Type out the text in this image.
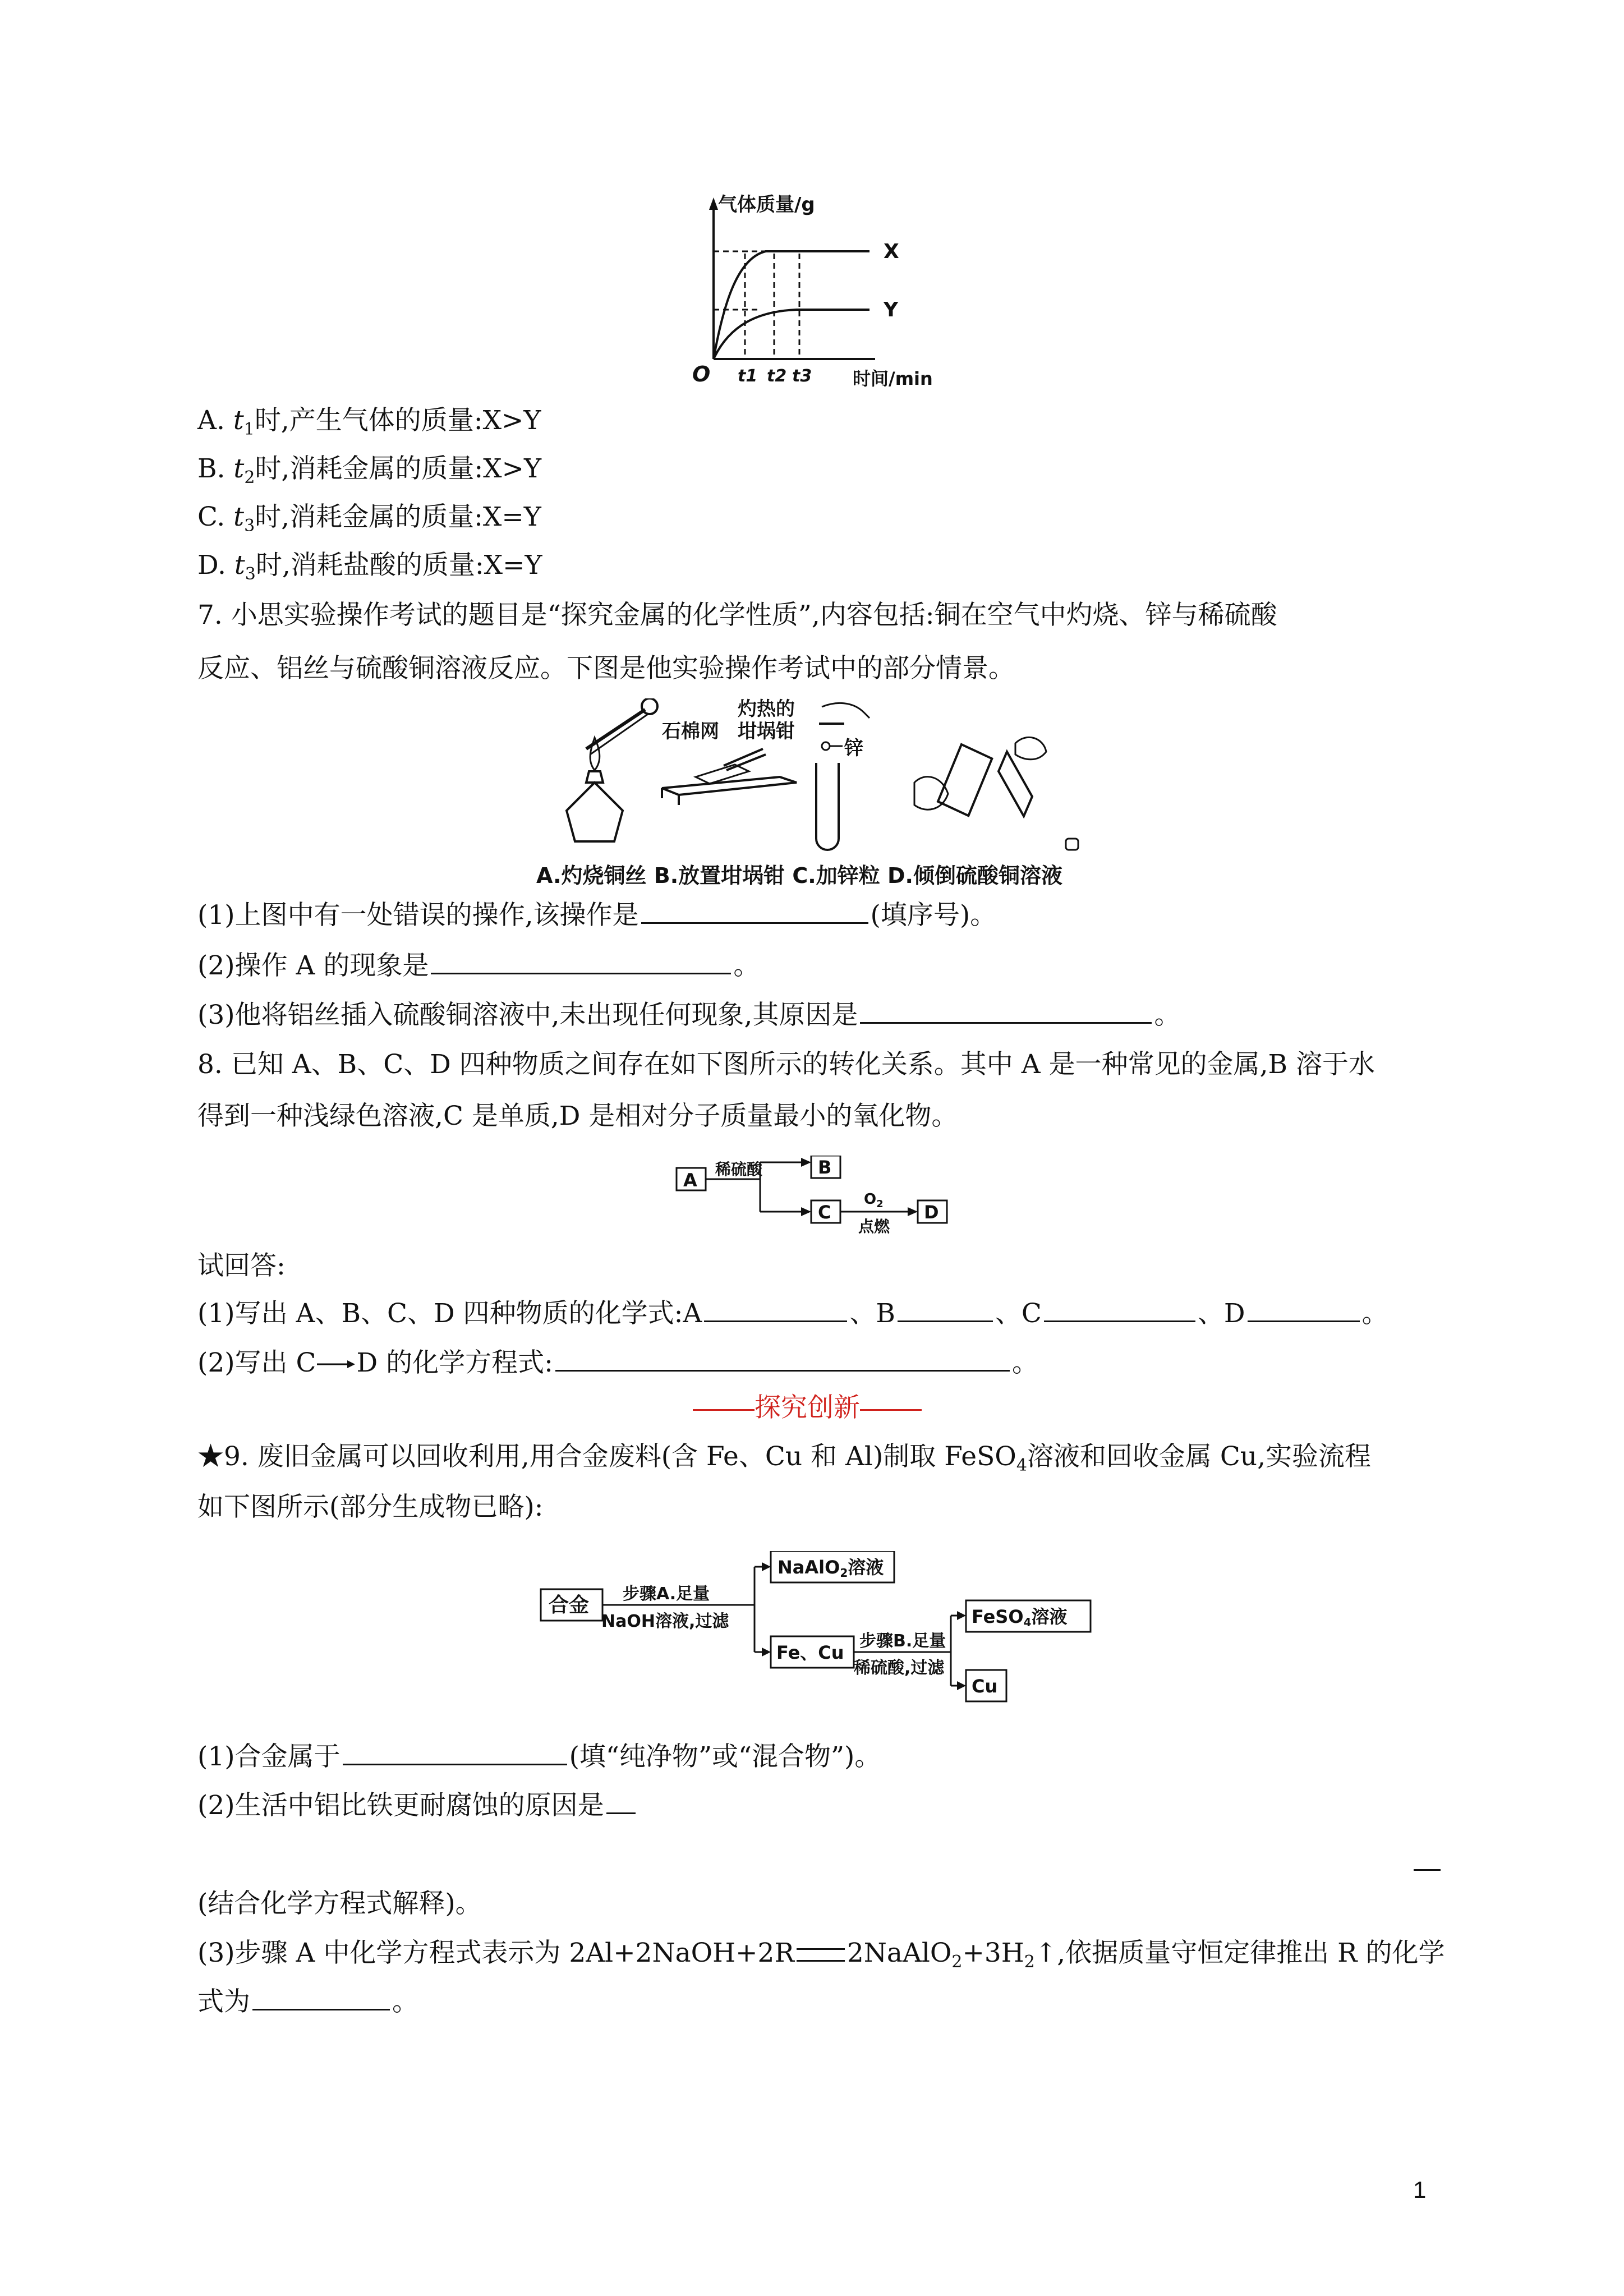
气体质量/g
O
X
Y
t1 t2 t3 时间/min
A. $t_1$时,产生气体的质量:X>Y
B. $t_2$时,消耗金属的质量:X>Y
C. $t_3$时,消耗金属的质量:X=Y
D. $t_3$时,消耗盐酸的质量:X=Y
7. 小思实验操作考试的题目是“探究金属的化学性质”,内容包括:铜在空气中灼烧、锌与稀硫酸
反应、铝丝与硫酸铜溶液反应。下图是他实验操作考试中的部分情景。
石棉网
灼热的
坩埚钳
锌
A.灼烧铜丝 B.放置坩埚钳 C.加锌粒 D.倾倒硫酸铜溶液
(1)上图中有一处错误的操作,该操作是	(填序号)。
(2)操作 A 的现象是	。
(3)他将铝丝插入硫酸铜溶液中,未出现任何现象,其原因是	。
8. 已知 A、B、C、D 四种物质之间存在如下图所示的转化关系。其中 A 是一种常见的金属,B 溶于水
得到一种浅绿色溶液,C 是单质,D 是相对分子质量最小的氧化物。
A
稀硫酸	B
C
$O_2$
点燃
D
试回答:
(1)写出 A、B、C、D 四种物质的化学式:A	、B	、C	、D	。
(2)写出 C D 的化学方程式:	。
探究创新
★9. 废旧金属可以回收利用,用合金废料(含 Fe、Cu 和 Al)制取 FeSO$_4$溶液和回收金属 Cu,实验流程
如下图所示(部分生成物已略):
合金 步骤A.足量
NaOH溶液,过滤
NaAlO2溶液
Fe、Cu
步骤B.足量
稀硫酸,过滤
FeSO4溶液
Cu
(1)合金属于	(填“纯净物”或“混合物”)。
(2)生活中铝比铁更耐腐蚀的原因是
(结合化学方程式解释)。
(3)步骤 A 中化学方程式表示为 2Al+2NaOH+2R $2NaAlO_2+3H_2↑$,依据质量守恒定律推出 R 的化学
式为	。
1
